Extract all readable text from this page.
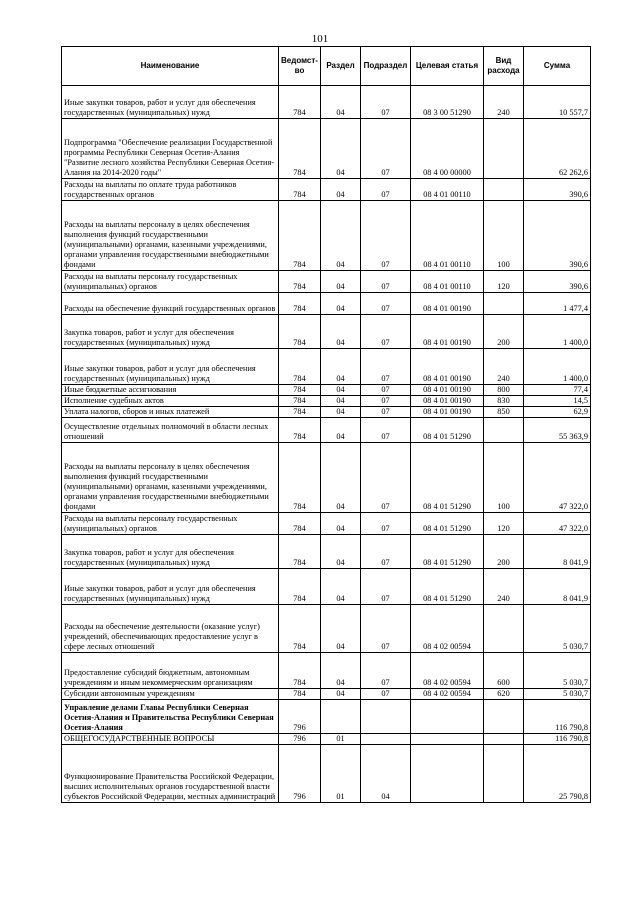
101
Наименование	Ведомст-во	Раздел	Подраздел	Целевая статья	Вид расхода	Сумма
Иные закупки товаров, работ и услуг для обеспечения государственных (муниципальных) нужд	784	04	07	08 3 00 51290	240	10 557,7
Подпрограмма "Обеспечение реализации Государственной программы Республики Северная Осетия-Алания "Развитие лесного хозяйства Республики Северная Осетия-Алания на 2014-2020 годы"	784	04	07	08 4 00 00000		62 262,6
Расходы на выплаты по оплате труда работников государственных органов	784	04	07	08 4 01 00110		390,6
Расходы на выплаты персоналу в целях обеспечения выполнения функций государственными (муниципальными) органами, казенными учреждениями, органами управления государственными внебюджетными фондами	784	04	07	08 4 01 00110	100	390,6
Расходы на выплаты персоналу государственных (муниципальных) органов	784	04	07	08 4 01 00110	120	390,6
Расходы на обеспечение функций государственных органов	784	04	07	08 4 01 00190		1 477,4
Закупка товаров, работ и услуг для обеспечения государственных (муниципальных) нужд	784	04	07	08 4 01 00190	200	1 400,0
Иные закупки товаров, работ и услуг для обеспечения государственных (муниципальных) нужд	784	04	07	08 4 01 00190	240	1 400,0
Иные бюджетные ассигнования	784	04	07	08 4 01 00190	800	77,4
Исполнение судебных актов	784	04	07	08 4 01 00190	830	14,5
Уплата налогов, сборов и иных платежей	784	04	07	08 4 01 00190	850	62,9
Осуществление отдельных полномочий в области лесных отношений	784	04	07	08 4 01 51290		55 363,9
Расходы на выплаты персоналу в целях обеспечения выполнения функций государственными (муниципальными) органами, казенными учреждениями, органами управления государственными внебюджетными фондами	784	04	07	08 4 01 51290	100	47 322,0
Расходы на выплаты персоналу государственных (муниципальных) органов	784	04	07	08 4 01 51290	120	47 322,0
Закупка товаров, работ и услуг для обеспечения государственных (муниципальных) нужд	784	04	07	08 4 01 51290	200	8 041,9
Иные закупки товаров, работ и услуг для обеспечения государственных (муниципальных) нужд	784	04	07	08 4 01 51290	240	8 041,9
Расходы на обеспечение деятельности (оказание услуг) учреждений, обеспечивающих предоставление услуг в сфере лесных отношений	784	04	07	08 4 02 00594		5 030,7
Предоставление субсидий бюджетным, автономным учреждениям и иным некоммерческим организациям	784	04	07	08 4 02 00594	600	5 030,7
Субсидии автономным учреждениям	784	04	07	08 4 02 00594	620	5 030,7
Управление делами Главы Республики Северная Осетия-Алания и Правительства Республики Северная Осетия-Алания	796					116 790,8
ОБЩЕГОСУДАРСТВЕННЫЕ ВОПРОСЫ	796	01				116 790,8
Функционирование Правительства Российской Федерации, высших исполнительных органов государственной власти субъектов Российской Федерации, местных администраций	796	01	04			25 790,8
